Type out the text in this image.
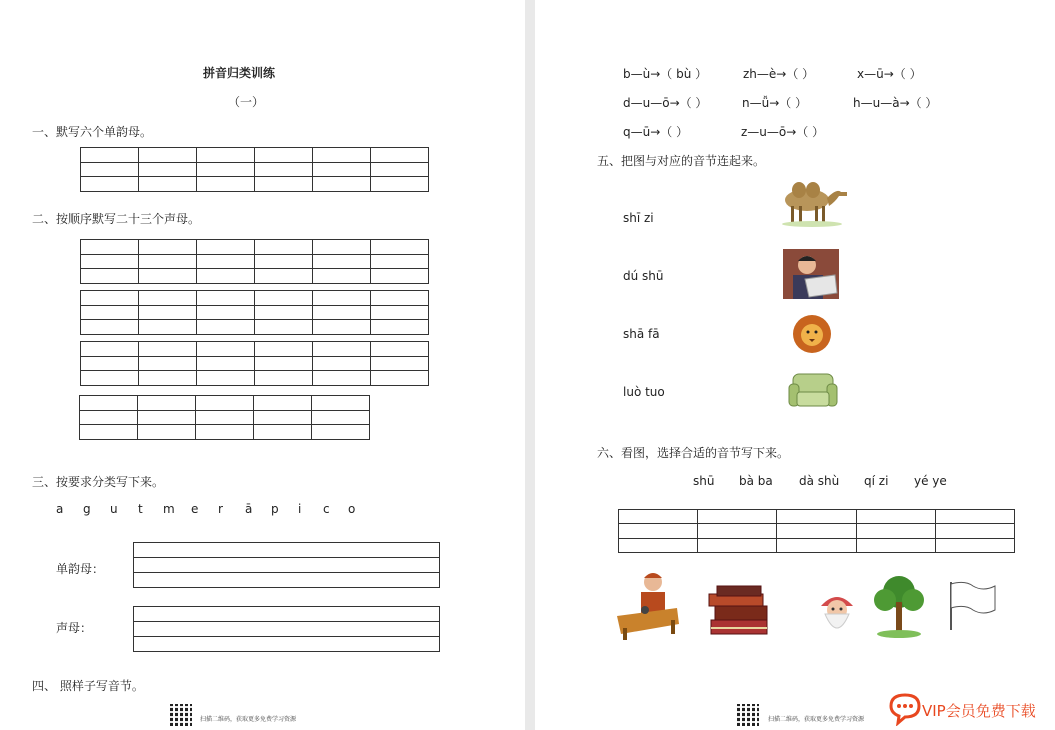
拼音归类训练
（一）
一、默写六个单韵母。

二、按顺序默写二十三个声母。

三、按要求分类写下来。
a g u t m e r ā p i c o
单韵母：
声母：
四、 照样子写音节。
扫描二维码，获取更多免费学习资源
b—ù→（ bù ）	zh—è→（ ）	x—ū→（ ）
d—u—ō→（ ）	n—ǚ→（ ）	h—u—à→（ ）
q—ū→（ ）	z—u—ō→（ ）
五、把图与对应的音节连起来。
shī zi
dú shū
shā fā
luò tuo
六、看图，选择合适的音节写下来。
shū bà ba dà shù qí zi yé ye

扫描二维码，获取更多免费学习资源	VIP会员免费下载
